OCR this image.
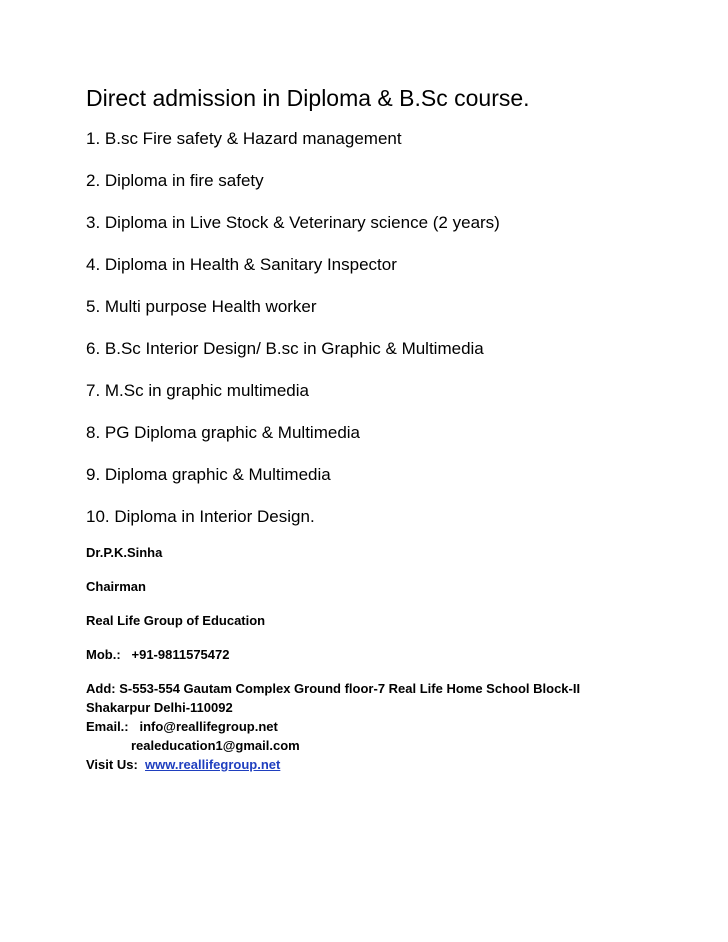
Direct admission in Diploma & B.Sc course.
1. B.sc Fire safety & Hazard management
2. Diploma in fire safety
3. Diploma in Live Stock & Veterinary science (2 years)
4. Diploma in Health & Sanitary Inspector
5. Multi purpose Health worker
6. B.Sc Interior Design/ B.sc in Graphic & Multimedia
7. M.Sc in graphic multimedia
8. PG Diploma graphic & Multimedia
9. Diploma graphic & Multimedia
10. Diploma in Interior Design.
Dr.P.K.Sinha
Chairman
Real Life Group of Education
Mob.: +91-9811575472
Add: S-553-554 Gautam Complex Ground floor-7 Real Life Home School Block-II
Shakarpur Delhi-110092
Email.: info@reallifegroup.net
realeducation1@gmail.com
Visit Us: www.reallifegroup.net
